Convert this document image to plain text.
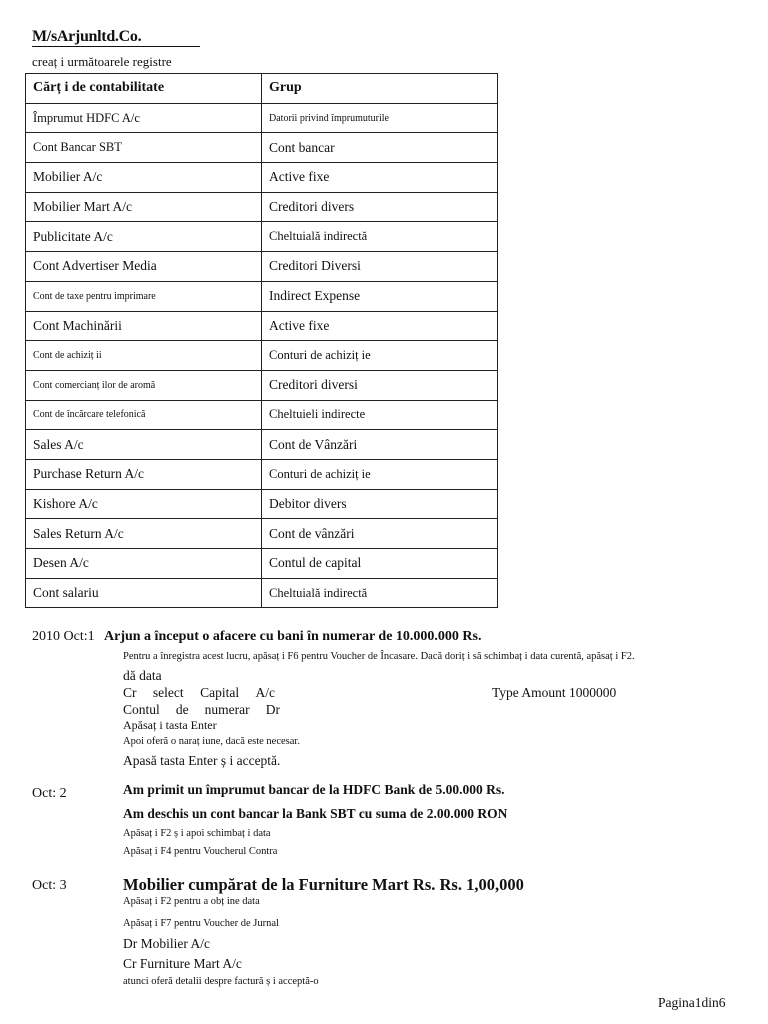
M/sArjunltd.Co.
creaț i următoarele registre
Cărț i de contabilitate	Grup
Împrumut HDFC A/c	Datorii privind împrumuturile
Cont Bancar SBT	Cont bancar
Mobilier A/c	Active fixe
Mobilier Mart A/c	Creditori divers
Publicitate A/c	Cheltuială indirectă
Cont Advertiser Media	Creditori Diversi
Cont de taxe pentru imprimare	Indirect Expense
Cont Machinării	Active fixe
Cont de achiziț ii	Conturi de achiziț ie
Cont comercianț ilor de aromă	Creditori diversi
Cont de încărcare telefonică	Cheltuieli indirecte
Sales A/c	Cont de Vânzări
Purchase Return A/c	Conturi de achiziț ie
Kishore A/c	Debitor divers
Sales Return A/c	Cont de vânzări
Desen A/c	Contul de capital
Cont salariu	Cheltuială indirectă
2010 Oct:1 Arjun a început o afacere cu bani în numerar de 10.000.000 Rs.
Pentru a înregistra acest lucru, apăsaț i F6 pentru Voucher de Încasare. Dacă doriț i să schimbaț i data curentă, apăsaț i F2.
dă data
Cr select Capital A/c	Type Amount 1000000
Contul de numerar Dr
Apăsaț i tasta Enter
Apoi oferă o naraț iune, dacă este necesar.
Apasă tasta Enter ș i acceptă.
Oct: 2	Am primit un împrumut bancar de la HDFC Bank de 5.00.000 Rs.
Am deschis un cont bancar la Bank SBT cu suma de 2.00.000 RON
Apăsaț i F2 ș i apoi schimbaț i data
Apăsaț i F4 pentru Voucherul Contra
Oct: 3	Mobilier cumpărat de la Furniture Mart Rs. Rs. 1,00,000
Apăsaț i F2 pentru a obț ine data
Apăsaț i F7 pentru Voucher de Jurnal
Dr Mobilier A/c
Cr Furniture Mart A/c
atunci oferă detalii despre factură ș i acceptă-o
Pagina1din6
